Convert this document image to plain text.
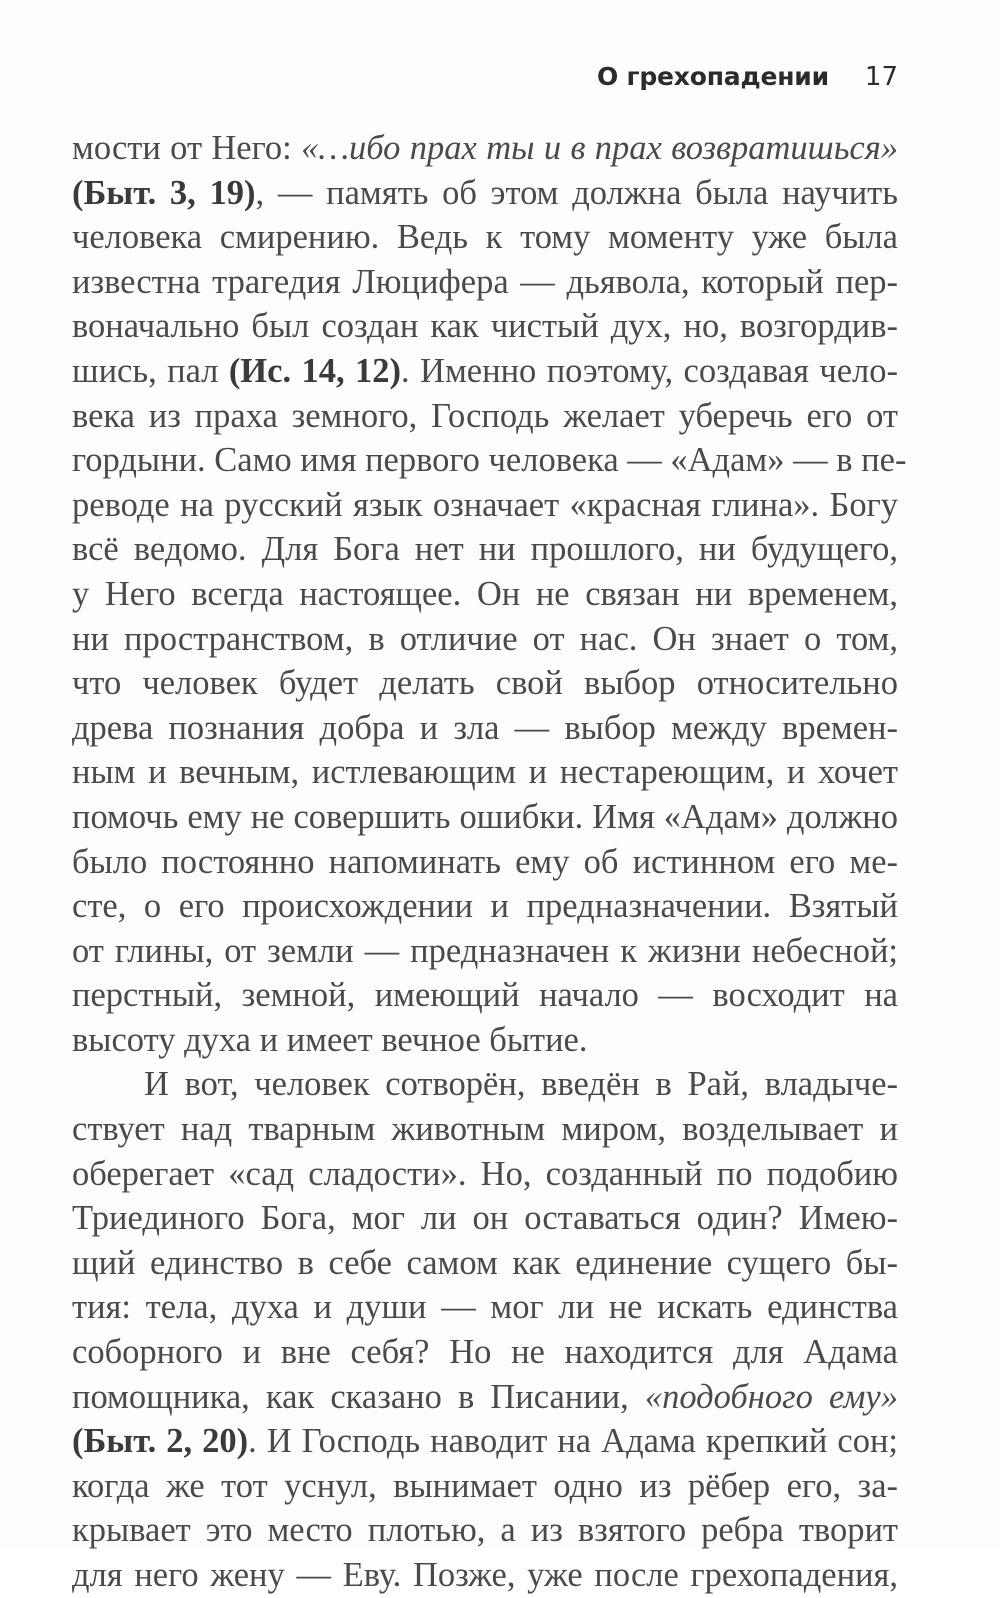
О грехопадении 17
мости от Него: «…ибо прах ты и в прах возвратишься»
(Быт. 3, 19), — память об этом должна была научить
человека смирению. Ведь к тому моменту уже была
известна трагедия Люцифера — дьявола, который пер-
воначально был создан как чистый дух, но, возгордив-
шись, пал (Ис. 14, 12). Именно поэтому, создавая чело-
века из праха земного, Господь желает уберечь его от
гордыни. Само имя первого человека — «Адам» — в пе-
реводе на русский язык означает «красная глина». Богу
всё ведомо. Для Бога нет ни прошлого, ни будущего,
у Него всегда настоящее. Он не связан ни временем,
ни пространством, в отличие от нас. Он знает о том,
что человек будет делать свой выбор относительно
древа познания добра и зла — выбор между времен-
ным и вечным, истлевающим и нестареющим, и хочет
помочь ему не совершить ошибки. Имя «Адам» должно
было постоянно напоминать ему об истинном его ме-
сте, о его происхождении и предназначении. Взятый
от глины, от земли — предназначен к жизни небесной;
перстный, земной, имеющий начало — восходит на
высоту духа и имеет вечное бытие.
И вот, человек сотворён, введён в Рай, владыче-
ствует над тварным животным миром, возделывает и
оберегает «сад сладости». Но, созданный по подобию
Триединого Бога, мог ли он оставаться один? Имею-
щий единство в себе самом как единение сущего бы-
тия: тела, духа и души — мог ли не искать единства
соборного и вне себя? Но не находится для Адама
помощника, как сказано в Писании, «подобного ему»
(Быт. 2, 20). И Господь наводит на Адама крепкий сон;
когда же тот уснул, вынимает одно из рёбер его, за-
крывает это место плотью, а из взятого ребра творит
для него жену — Еву. Позже, уже после грехопадения,
